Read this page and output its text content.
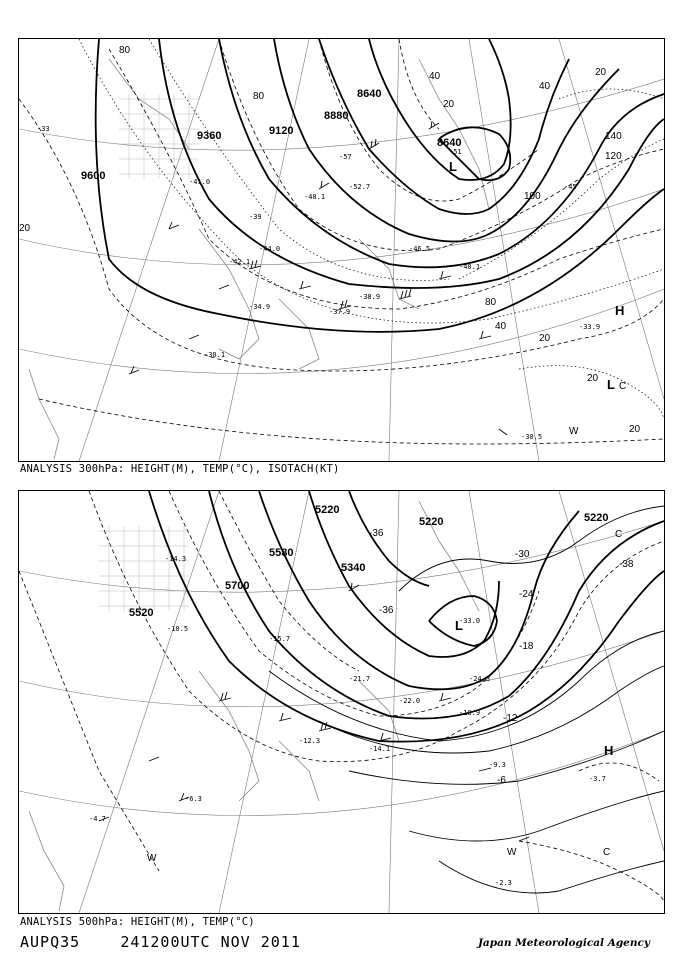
9600
9360	9120
8880
8640
8640
80
80
120
140
100
80
40
20
20
20
40
40
20
20
20
-33
-39
-45
-51
-57
-41.0
-46.5
-44.0
-42.1
-40.1
-37.9
-30.1
-30.5
-33.9
-34.9
-52.7
-48.1
-38.9
L
L
H
C
W
ANALYSIS 300hPa: HEIGHT(M), TEMP(°C), ISOTACH(KT)
5700
5580
5220
5340
5220	5220
5520	-36
-30
-24
-18
-12
-6
-36
-38
-14.3
-10.5
-15.7
-21.7
-22.0
-14.1
-9.3
-3.7
-2.3
-6.3
-4.7
-12.3
-18.9
-24.3
-33.0
L
H
C
C
W
W
ANALYSIS 500hPa: HEIGHT(M), TEMP(°C)
AUPQ35	241200UTC NOV 2011	Japan Meteorological Agency
